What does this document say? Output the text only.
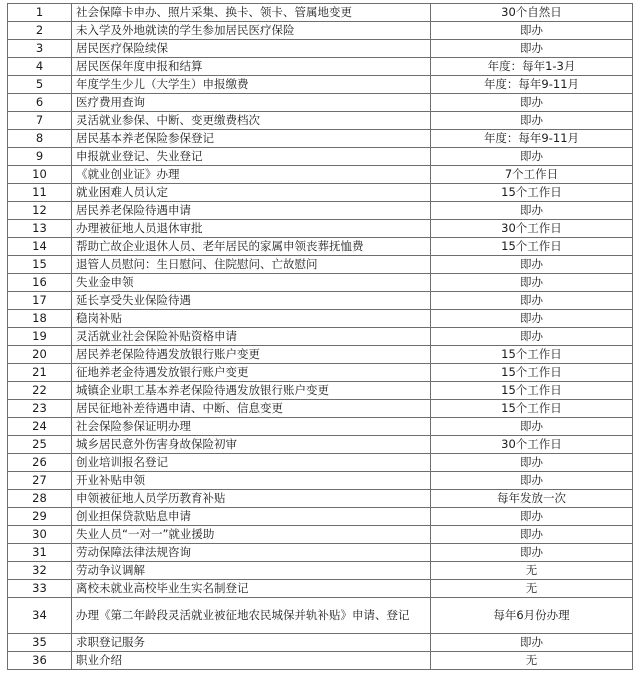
1	社会保障卡申办、照片采集、换卡、领卡、管属地变更	30个自然日
2	未入学及外地就读的学生参加居民医疗保险	即办
3	居民医疗保险续保	即办
4	居民医保年度申报和结算	年度：每年1-3月
5	年度学生少儿（大学生）申报缴费	年度：每年9-11月
6	医疗费用查询	即办
7	灵活就业参保、中断、变更缴费档次	即办
8	居民基本养老保险参保登记	年度：每年9-11月
9	申报就业登记、失业登记	即办
10	《就业创业证》办理	7个工作日
11	就业困难人员认定	15个工作日
12	居民养老保险待遇申请	即办
13	办理被征地人员退休审批	30个工作日
14	帮助亡故企业退休人员、老年居民的家属申领丧葬抚恤费	15个工作日
15	退管人员慰问：生日慰问、住院慰问、亡故慰问	即办
16	失业金申领	即办
17	延长享受失业保险待遇	即办
18	稳岗补贴	即办
19	灵活就业社会保险补贴资格申请	即办
20	居民养老保险待遇发放银行账户变更	15个工作日
21	征地养老金待遇发放银行账户变更	15个工作日
22	城镇企业职工基本养老保险待遇发放银行账户变更	15个工作日
23	居民征地补差待遇申请、中断、信息变更	15个工作日
24	社会保险参保证明办理	即办
25	城乡居民意外伤害身故保险初审	30个工作日
26	创业培训报名登记	即办
27	开业补贴申领	即办
28	申领被征地人员学历教育补贴	每年发放一次
29	创业担保贷款贴息申请	即办
30	失业人员“一对一”就业援助	即办
31	劳动保障法律法规咨询	即办
32	劳动争议调解	无
33	离校未就业高校毕业生实名制登记	无
34	办理《第二年龄段灵活就业被征地农民城保并轨补贴》申请、登记	每年6月份办理
35	求职登记服务	即办
36	职业介绍	无
